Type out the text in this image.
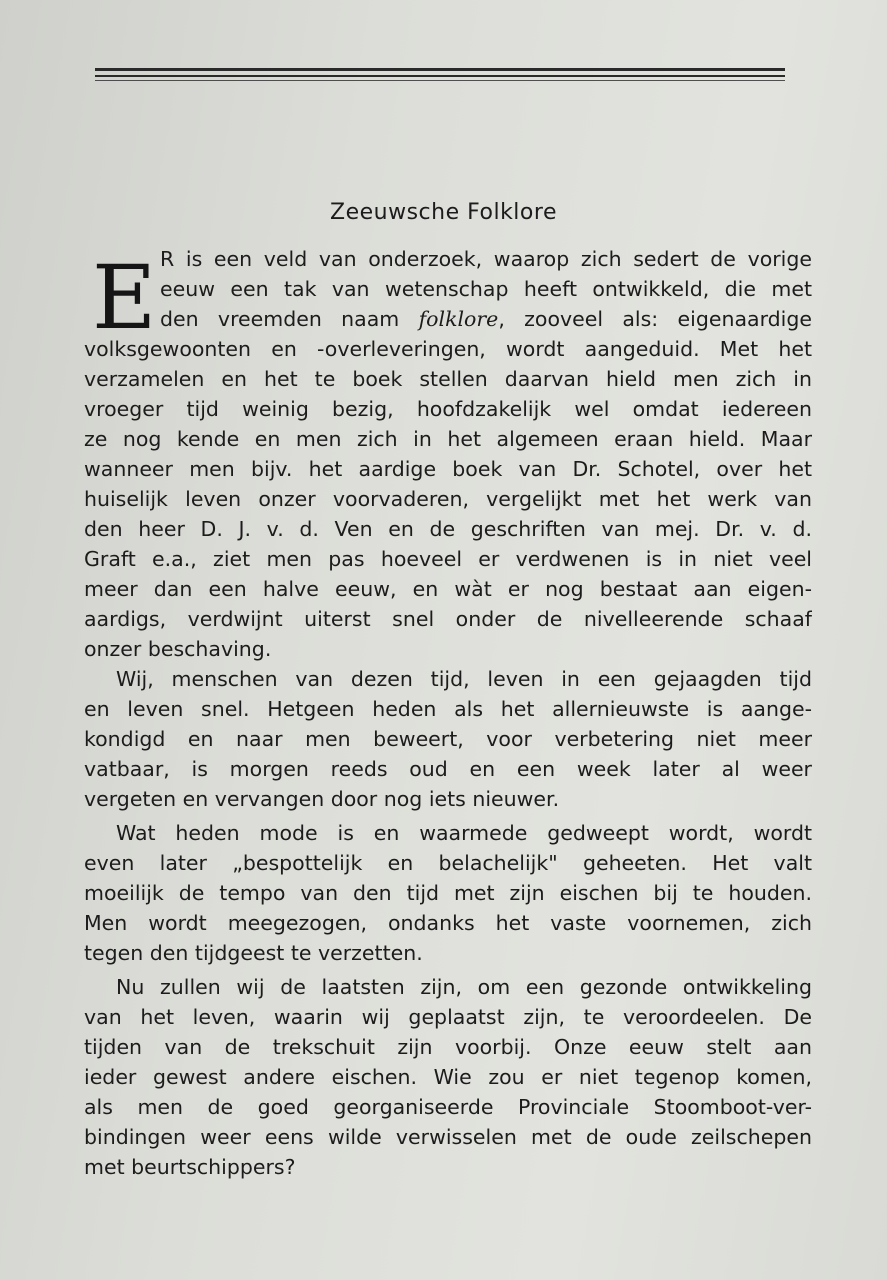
Zeeuwsche Folklore
E R is een veld van onderzoek, waarop zich sedert de vorige
eeuw een tak van wetenschap heeft ontwikkeld, die met
den vreemden naam folklore, zooveel als: eigenaardige
volksgewoonten en -overleveringen, wordt aangeduid. Met het
verzamelen en het te boek stellen daarvan hield men zich in
vroeger tijd weinig bezig, hoofdzakelijk wel omdat iedereen
ze nog kende en men zich in het algemeen eraan hield. Maar
wanneer men bijv. het aardige boek van Dr. Schotel, over het
huiselijk leven onzer voorvaderen, vergelijkt met het werk van
den heer D. J. v. d. Ven en de geschriften van mej. Dr. v. d.
Graft e.a., ziet men pas hoeveel er verdwenen is in niet veel
meer dan een halve eeuw, en wàt er nog bestaat aan eigen-
aardigs, verdwijnt uiterst snel onder de nivelleerende schaaf
onzer beschaving.
Wij, menschen van dezen tijd, leven in een gejaagden tijd
en leven snel. Hetgeen heden als het allernieuwste is aange-
kondigd en naar men beweert, voor verbetering niet meer
vatbaar, is morgen reeds oud en een week later al weer
vergeten en vervangen door nog iets nieuwer.
Wat heden mode is en waarmede gedweept wordt, wordt
even later „bespottelijk en belachelijk" geheeten. Het valt
moeilijk de tempo van den tijd met zijn eischen bij te houden.
Men wordt meegezogen, ondanks het vaste voornemen, zich
tegen den tijdgeest te verzetten.
Nu zullen wij de laatsten zijn, om een gezonde ontwikkeling
van het leven, waarin wij geplaatst zijn, te veroordeelen. De
tijden van de trekschuit zijn voorbij. Onze eeuw stelt aan
ieder gewest andere eischen. Wie zou er niet tegenop komen,
als men de goed georganiseerde Provinciale Stoomboot-ver-
bindingen weer eens wilde verwisselen met de oude zeilschepen
met beurtschippers?
